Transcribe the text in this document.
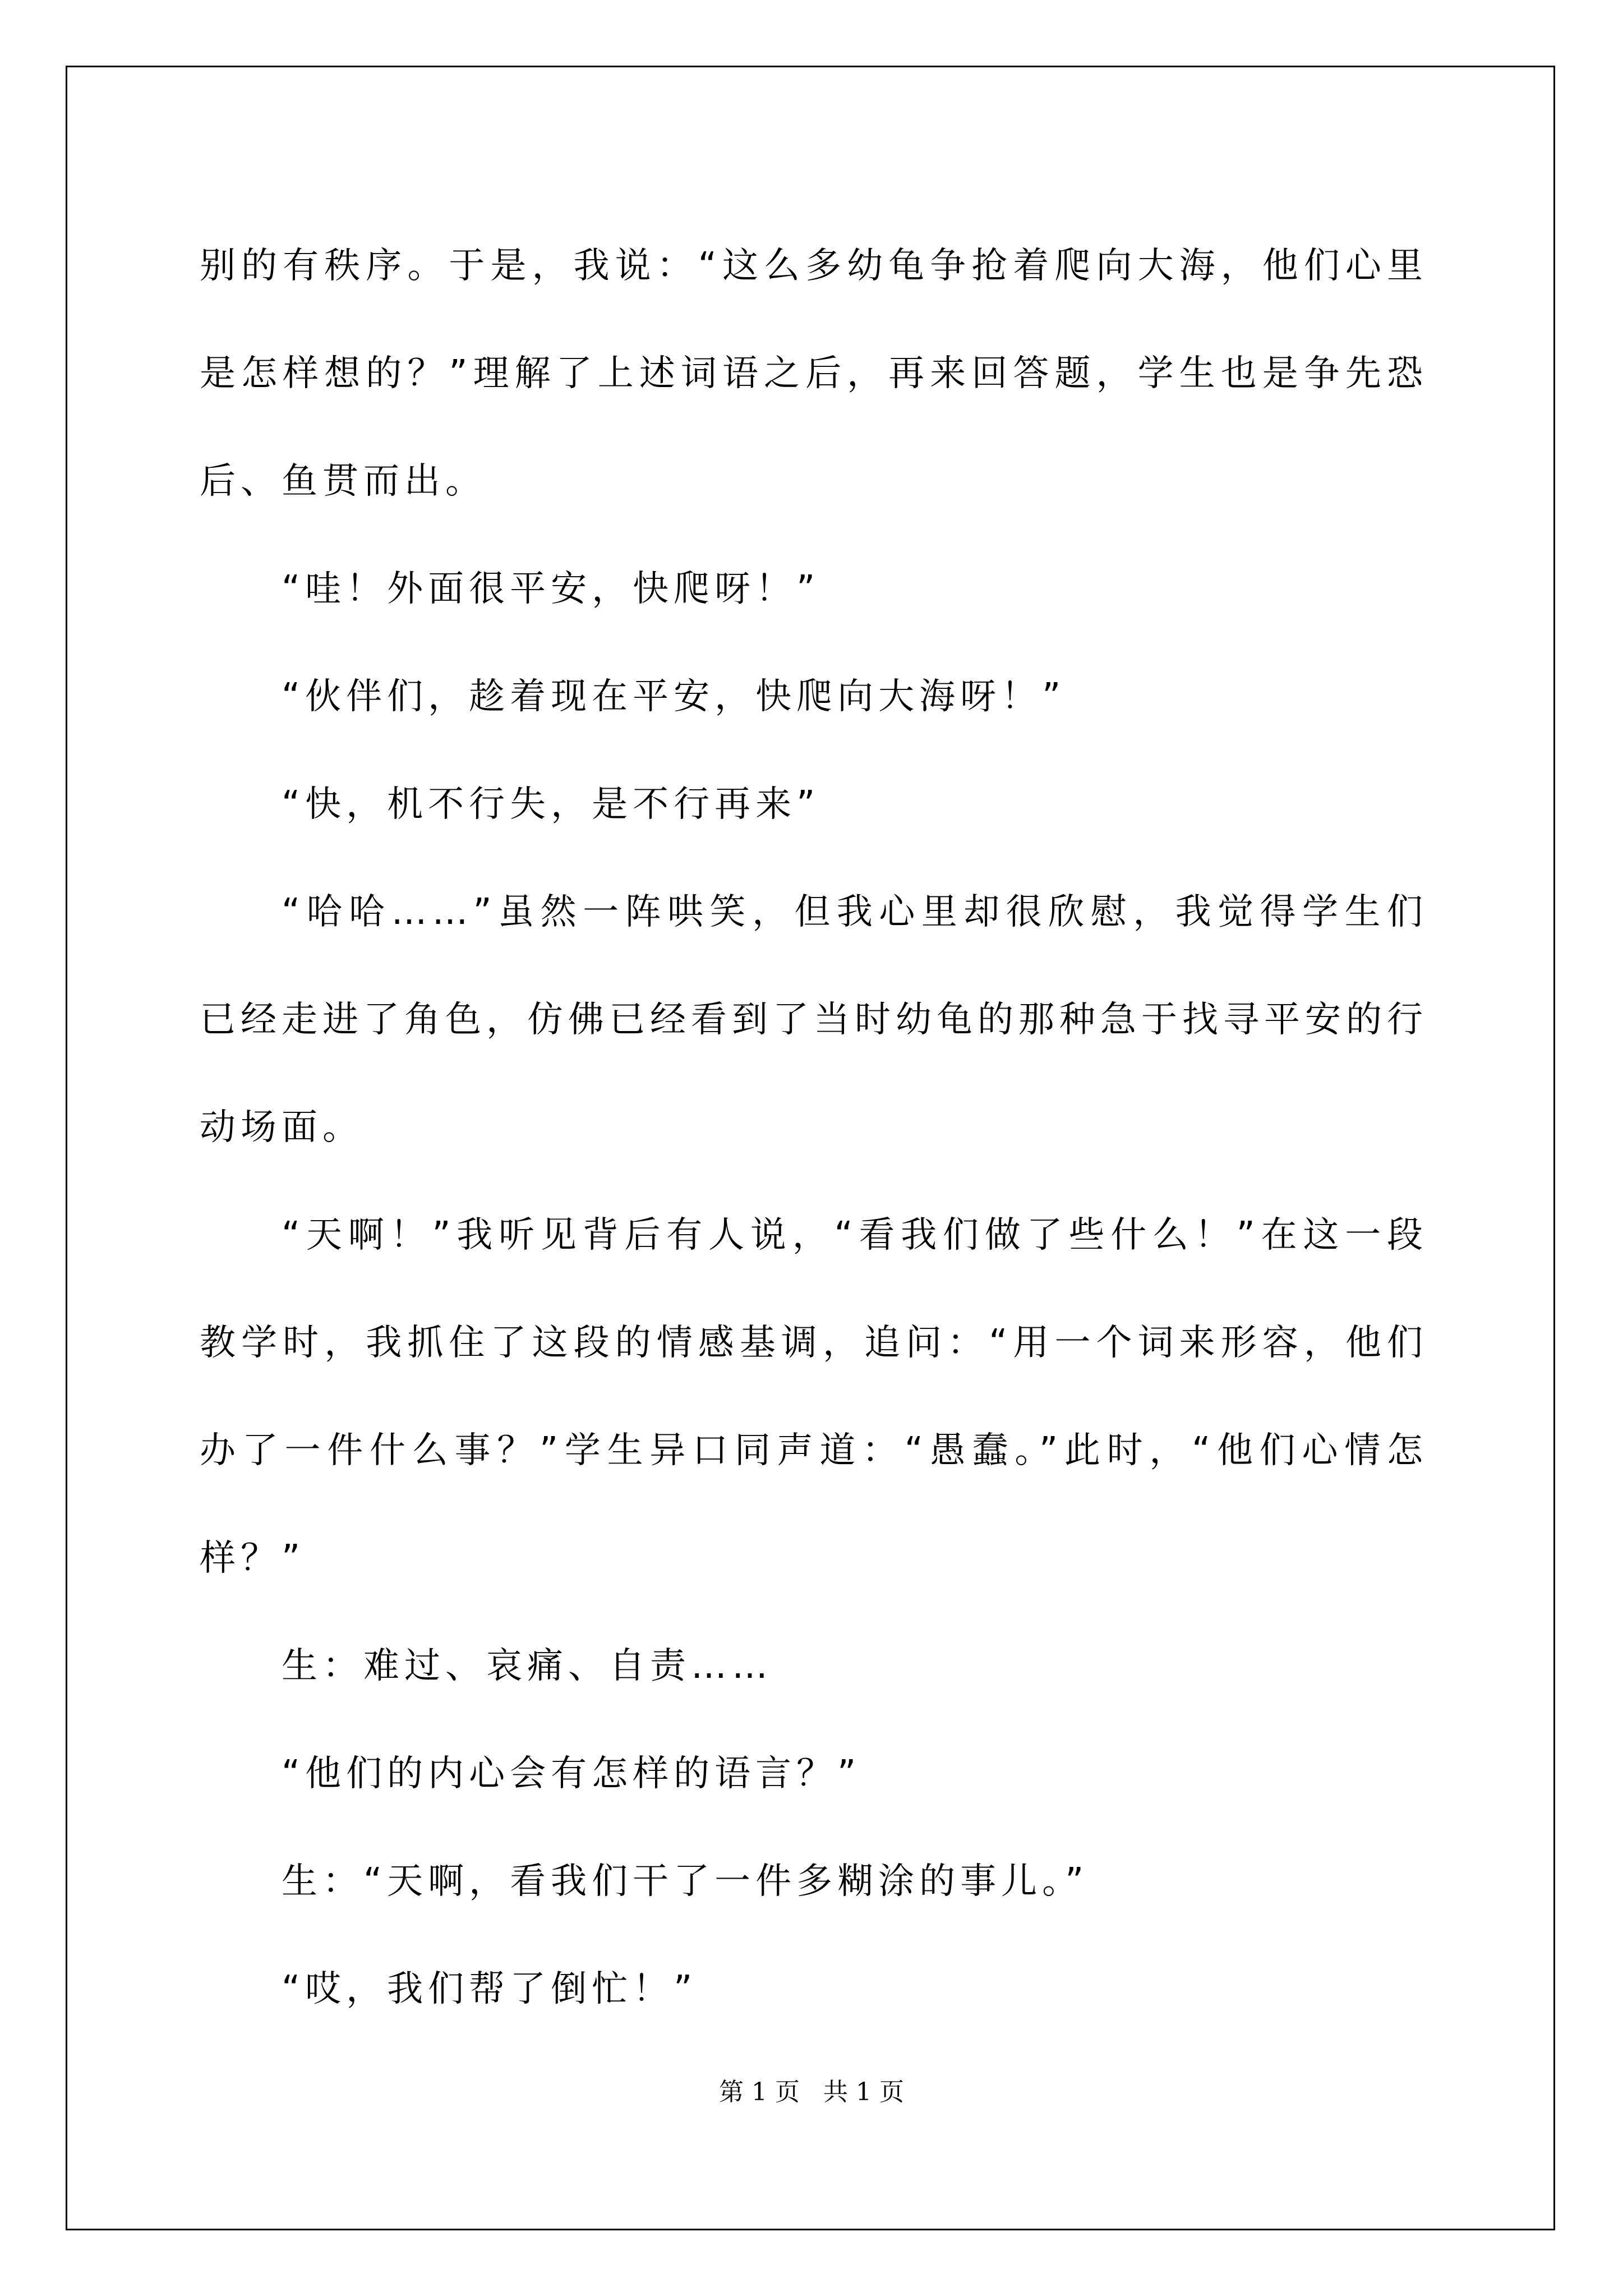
别的有秩序。于是，我说：“这么多幼龟争抢着爬向大海，他们心里是怎样想的？”理解了上述词语之后，再来回答题，学生也是争先恐后、鱼贯而出。

“哇！外面很平安，快爬呀！”

“伙伴们，趁着现在平安，快爬向大海呀！”

“快，机不行失，是不行再来”

“哈哈……”虽然一阵哄笑，但我心里却很欣慰，我觉得学生们已经走进了角色，仿佛已经看到了当时幼龟的那种急于找寻平安的行动场面。

“天啊！”我听见背后有人说，“看我们做了些什么！”在这一段教学时，我抓住了这段的情感基调，追问：“用一个词来形容，他们办了一件什么事？”学生异口同声道：“愚蠢。”此时，“他们心情怎样？”

生：难过、哀痛、自责……

“他们的内心会有怎样的语言？”

生：“天啊，看我们干了一件多糊涂的事儿。”

“哎，我们帮了倒忙！”

第 1 页   共 1 页
